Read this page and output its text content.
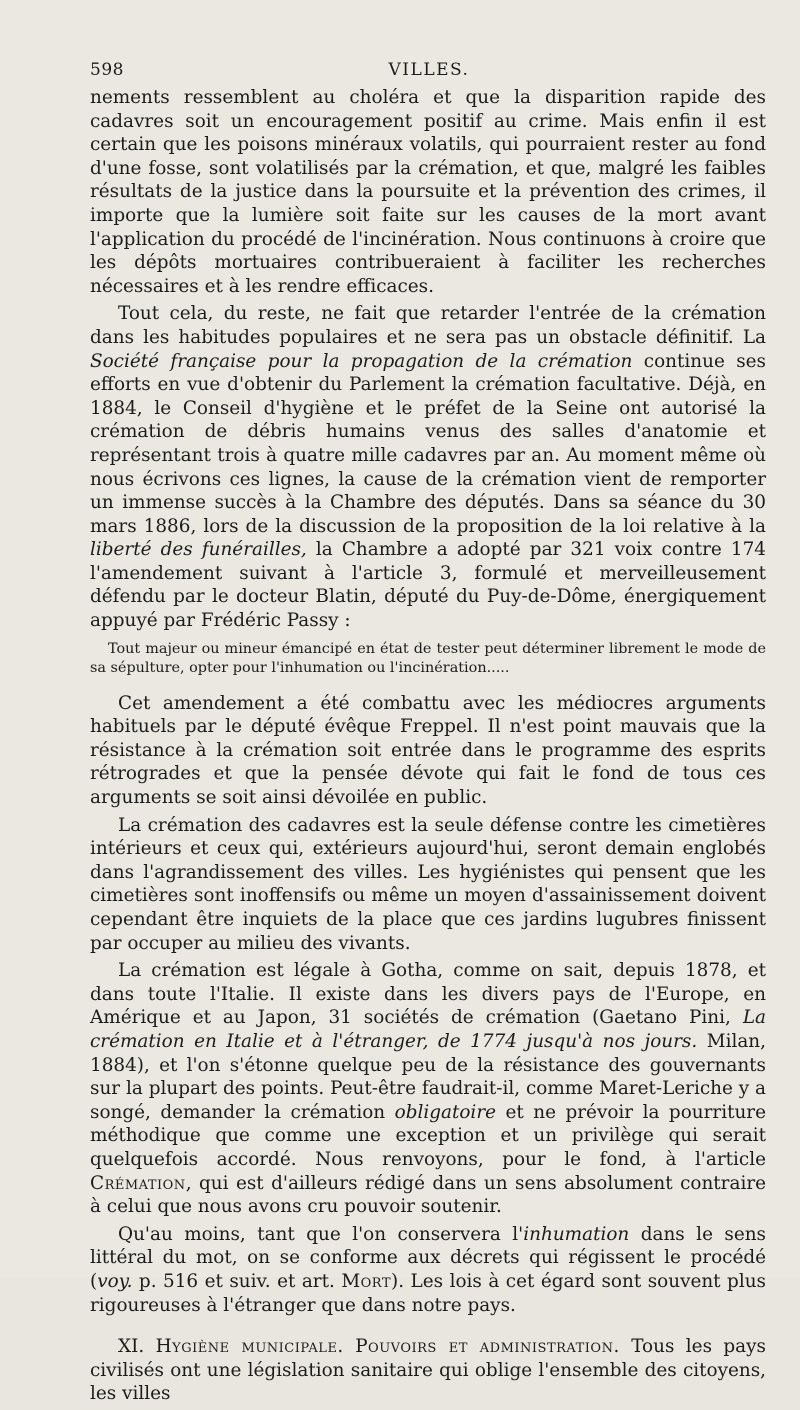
598	VILLES.

nements ressemblent au choléra et que la disparition rapide des cadavres soit un encouragement positif au crime. Mais enfin il est certain que les poisons minéraux volatils, qui pourraient rester au fond d'une fosse, sont volatilisés par la crémation, et que, malgré les faibles résultats de la justice dans la poursuite et la prévention des crimes, il importe que la lumière soit faite sur les causes de la mort avant l'application du procédé de l'incinération. Nous continuons à croire que les dépôts mortuaires contribueraient à faciliter les recherches nécessaires et à les rendre efficaces.

Tout cela, du reste, ne fait que retarder l'entrée de la crémation dans les habitudes populaires et ne sera pas un obstacle définitif. La Société française pour la propagation de la crémation continue ses efforts en vue d'obtenir du Parlement la crémation facultative. Déjà, en 1884, le Conseil d'hygiène et le préfet de la Seine ont autorisé la crémation de débris humains venus des salles d'anatomie et représentant trois à quatre mille cadavres par an. Au moment même où nous écrivons ces lignes, la cause de la crémation vient de remporter un immense succès à la Chambre des députés. Dans sa séance du 30 mars 1886, lors de la discussion de la proposition de la loi relative à la liberté des funérailles, la Chambre a adopté par 321 voix contre 174 l'amendement suivant à l'article 3, formulé et merveilleusement défendu par le docteur Blatin, député du Puy-de-Dôme, énergiquement appuyé par Frédéric Passy :

Tout majeur ou mineur émancipé en état de tester peut déterminer librement le mode de sa sépulture, opter pour l'inhumation ou l'incinération.....

Cet amendement a été combattu avec les médiocres arguments habituels par le député évêque Freppel. Il n'est point mauvais que la résistance à la crémation soit entrée dans le programme des esprits rétrogrades et que la pensée dévote qui fait le fond de tous ces arguments se soit ainsi dévoilée en public.

La crémation des cadavres est la seule défense contre les cimetières intérieurs et ceux qui, extérieurs aujourd'hui, seront demain englobés dans l'agrandissement des villes. Les hygiénistes qui pensent que les cimetières sont inoffensifs ou même un moyen d'assainissement doivent cependant être inquiets de la place que ces jardins lugubres finissent par occuper au milieu des vivants.

La crémation est légale à Gotha, comme on sait, depuis 1878, et dans toute l'Italie. Il existe dans les divers pays de l'Europe, en Amérique et au Japon, 31 sociétés de crémation (Gaetano Pini, La crémation en Italie et à l'étranger, de 1774 jusqu'à nos jours. Milan, 1884), et l'on s'étonne quelque peu de la résistance des gouvernants sur la plupart des points. Peut-être faudrait-il, comme Maret-Leriche y a songé, demander la crémation obligatoire et ne prévoir la pourriture méthodique que comme une exception et un privilège qui serait quelquefois accordé. Nous renvoyons, pour le fond, à l'article Crémation, qui est d'ailleurs rédigé dans un sens absolument contraire à celui que nous avons cru pouvoir soutenir.

Qu'au moins, tant que l'on conservera l'inhumation dans le sens littéral du mot, on se conforme aux décrets qui régissent le procédé (voy. p. 516 et suiv. et art. Mort). Les lois à cet égard sont souvent plus rigoureuses à l'étranger que dans notre pays.

XI. Hygiène municipale. Pouvoirs et administration. Tous les pays civilisés ont une législation sanitaire qui oblige l'ensemble des citoyens, les villes
